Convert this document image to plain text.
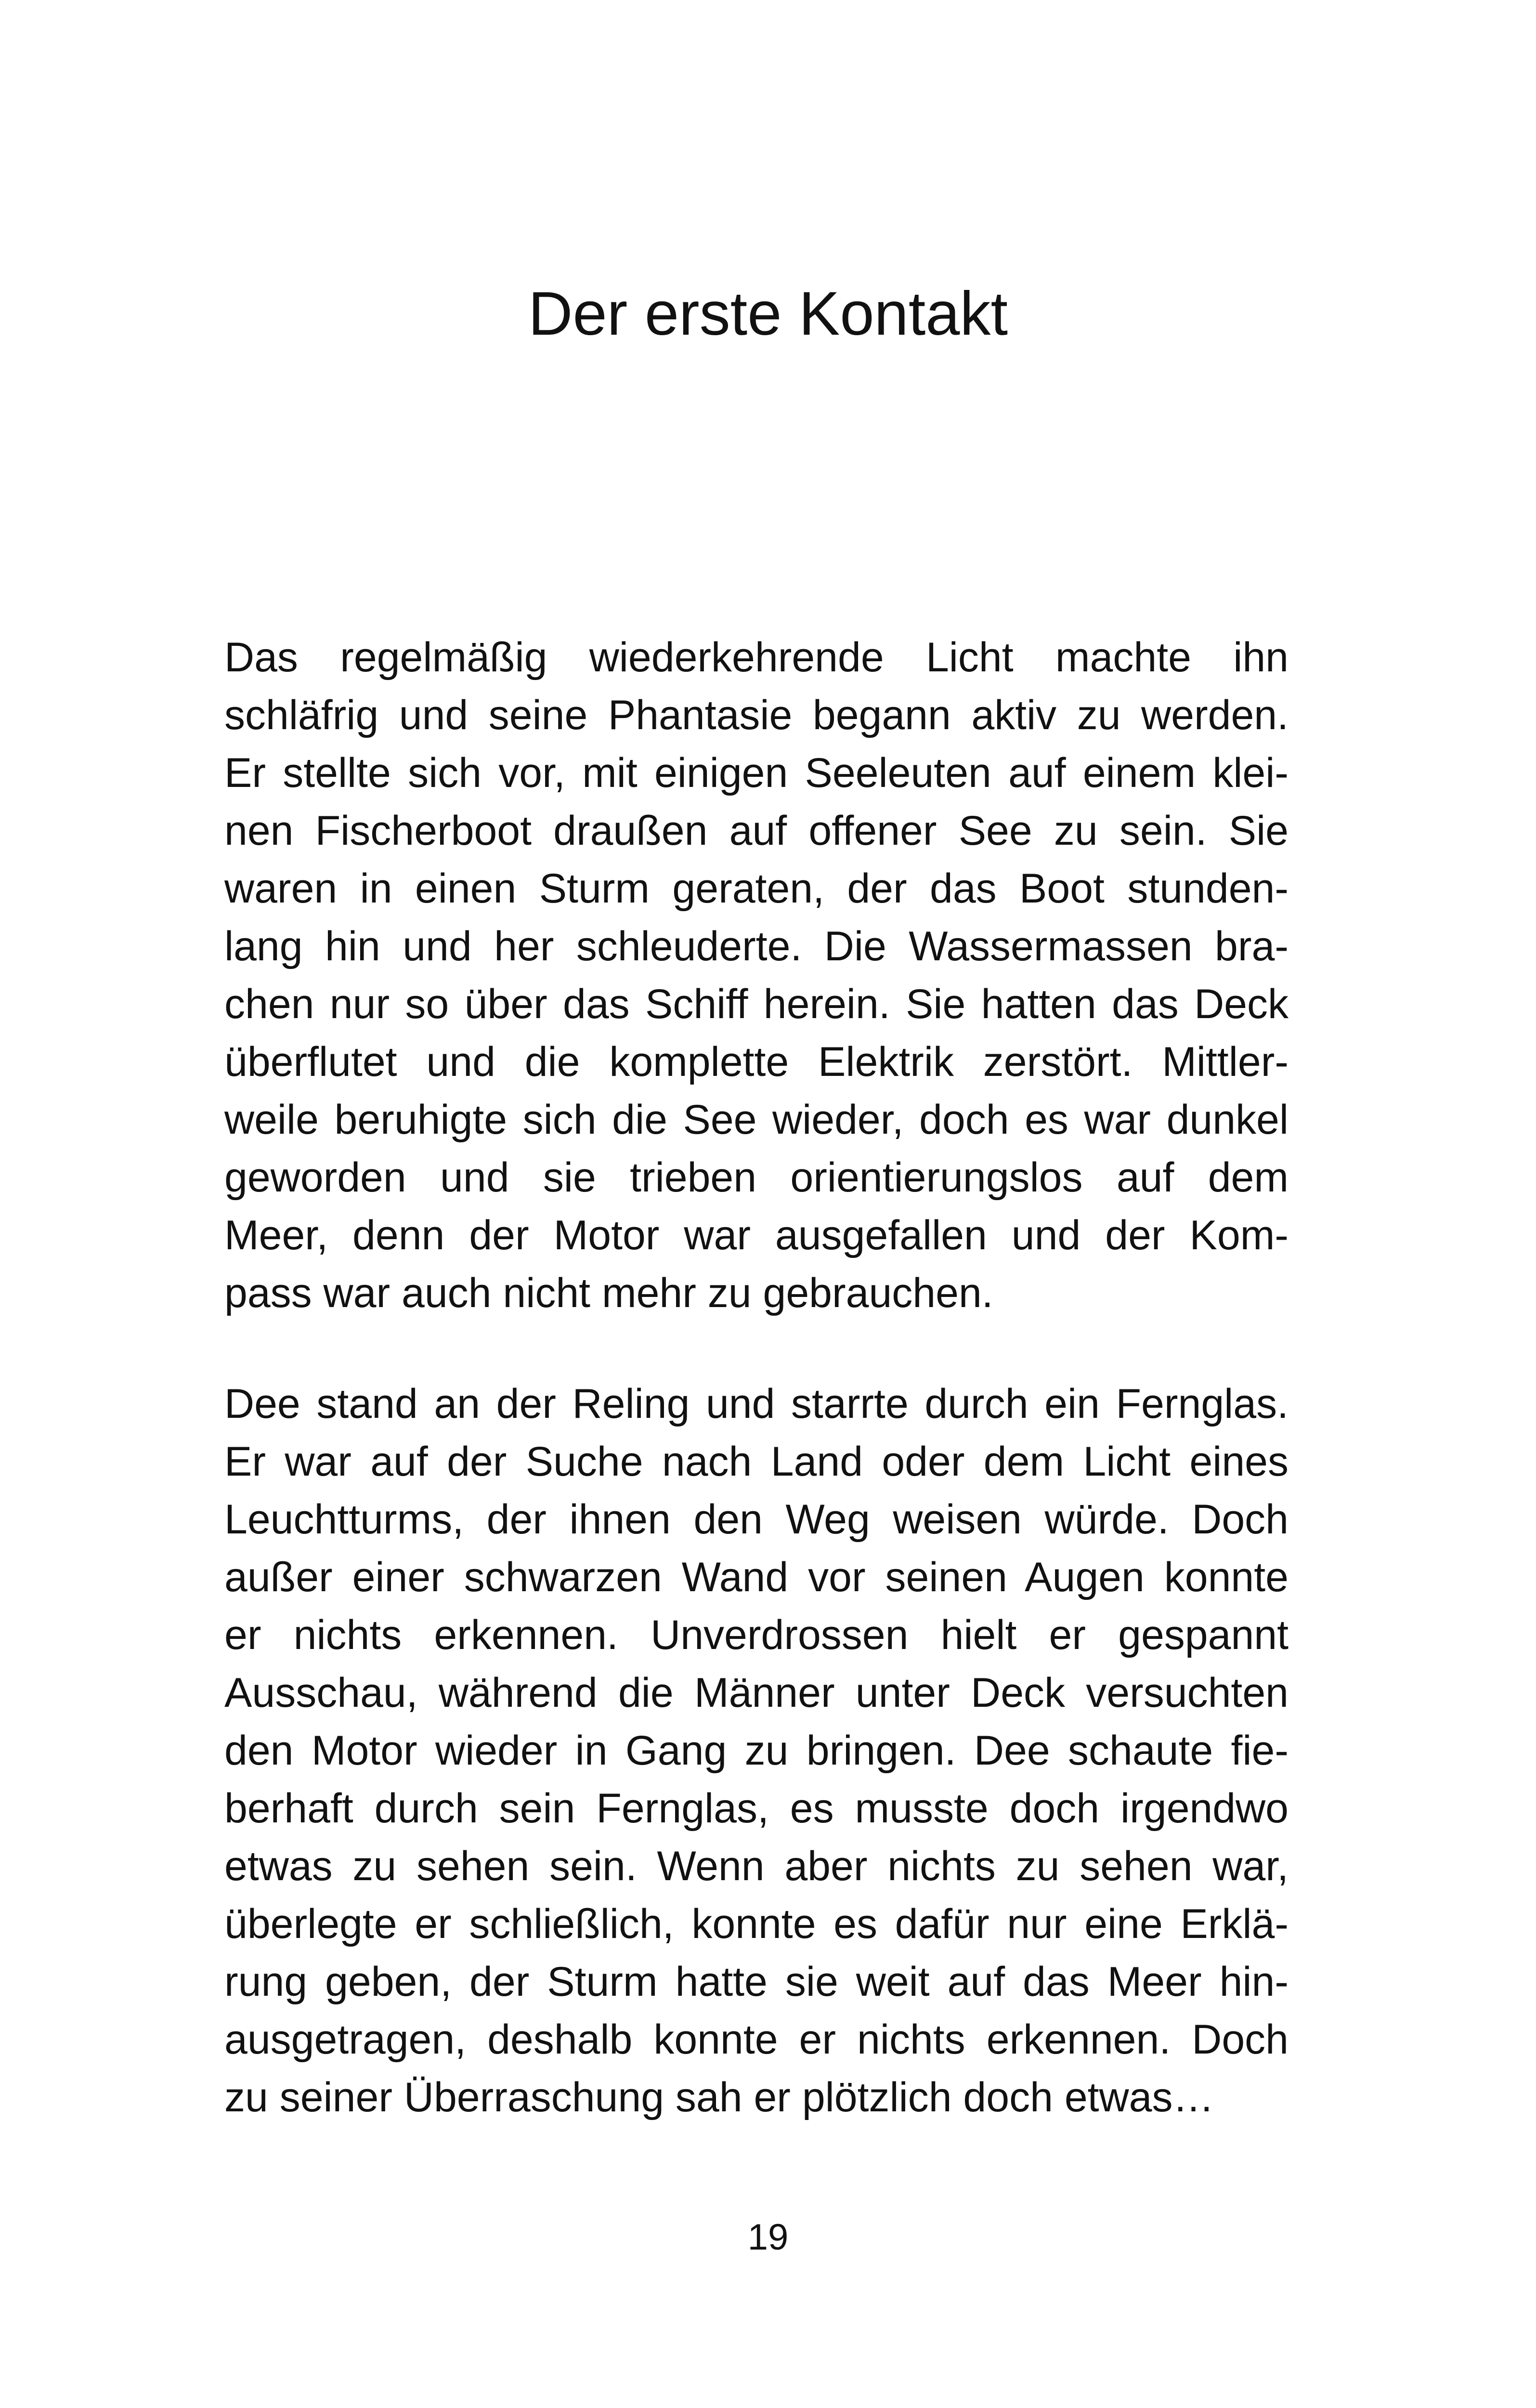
Der erste Kontakt
Das regelmäßig wiederkehrende Licht machte ihn
schläfrig und seine Phantasie begann aktiv zu werden.
Er stellte sich vor, mit einigen Seeleuten auf einem klei-
nen Fischerboot draußen auf offener See zu sein. Sie
waren in einen Sturm geraten, der das Boot stunden-
lang hin und her schleuderte. Die Wassermassen bra-
chen nur so über das Schiff herein. Sie hatten das Deck
überflutet und die komplette Elektrik zerstört. Mittler-
weile beruhigte sich die See wieder, doch es war dunkel
geworden und sie trieben orientierungslos auf dem
Meer, denn der Motor war ausgefallen und der Kom-
pass war auch nicht mehr zu gebrauchen.
Dee stand an der Reling und starrte durch ein Fernglas.
Er war auf der Suche nach Land oder dem Licht eines
Leuchtturms, der ihnen den Weg weisen würde. Doch
außer einer schwarzen Wand vor seinen Augen konnte
er nichts erkennen. Unverdrossen hielt er gespannt
Ausschau, während die Männer unter Deck versuchten
den Motor wieder in Gang zu bringen. Dee schaute fie-
berhaft durch sein Fernglas, es musste doch irgendwo
etwas zu sehen sein. Wenn aber nichts zu sehen war,
überlegte er schließlich, konnte es dafür nur eine Erklä-
rung geben, der Sturm hatte sie weit auf das Meer hin-
ausgetragen, deshalb konnte er nichts erkennen. Doch
zu seiner Überraschung sah er plötzlich doch etwas…
19
